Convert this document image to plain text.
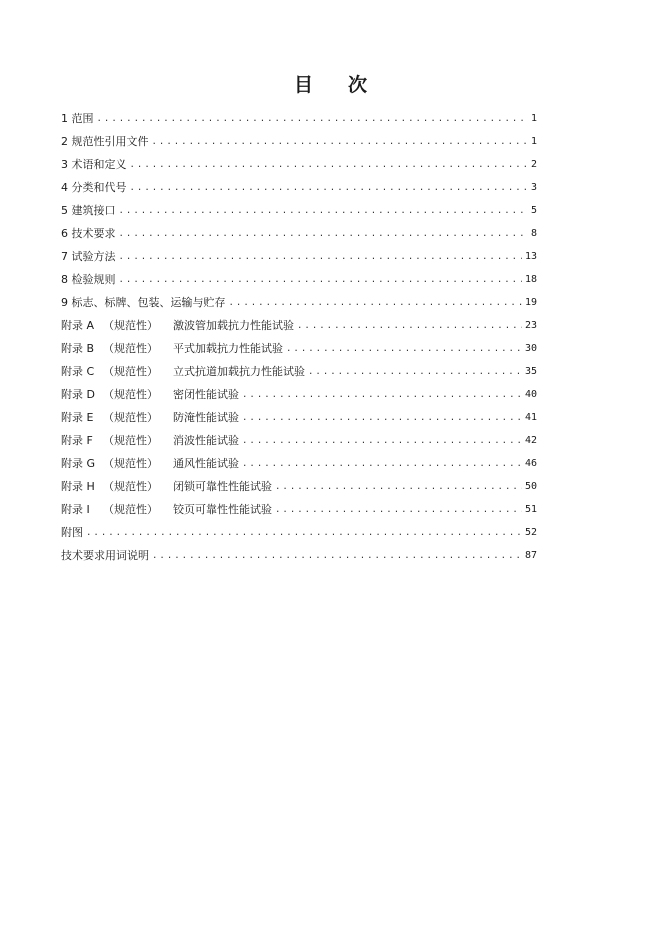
目 次
1 范围 .....	1
2 规范性引用文件 .....	1
3 术语和定义 .....	2
4 分类和代号 .....	3
5 建筑接口 .....	5
6 技术要求 .....	8
7 试验方法 .....	13
8 检验规则 .....	18
9 标志、标牌、包装、运输与贮存 .....	19
附录 A （规范性） 激波管加载抗力性能试验 .....	23
附录 B （规范性） 平式加载抗力性能试验 .....	30
附录 C （规范性） 立式抗道加载抗力性能试验 .....	35
附录 D （规范性） 密闭性能试验 .....	40
附录 E （规范性） 防淹性能试验 .....	41
附录 F （规范性） 消波性能试验 .....	42
附录 G （规范性） 通风性能试验 .....	46
附录 H （规范性） 闭锁可靠性性能试验 .....	50
附录 I （规范性） 铰页可靠性性能试验 .....	51
附图 .....	52
技术要求用词说明 .....	87
